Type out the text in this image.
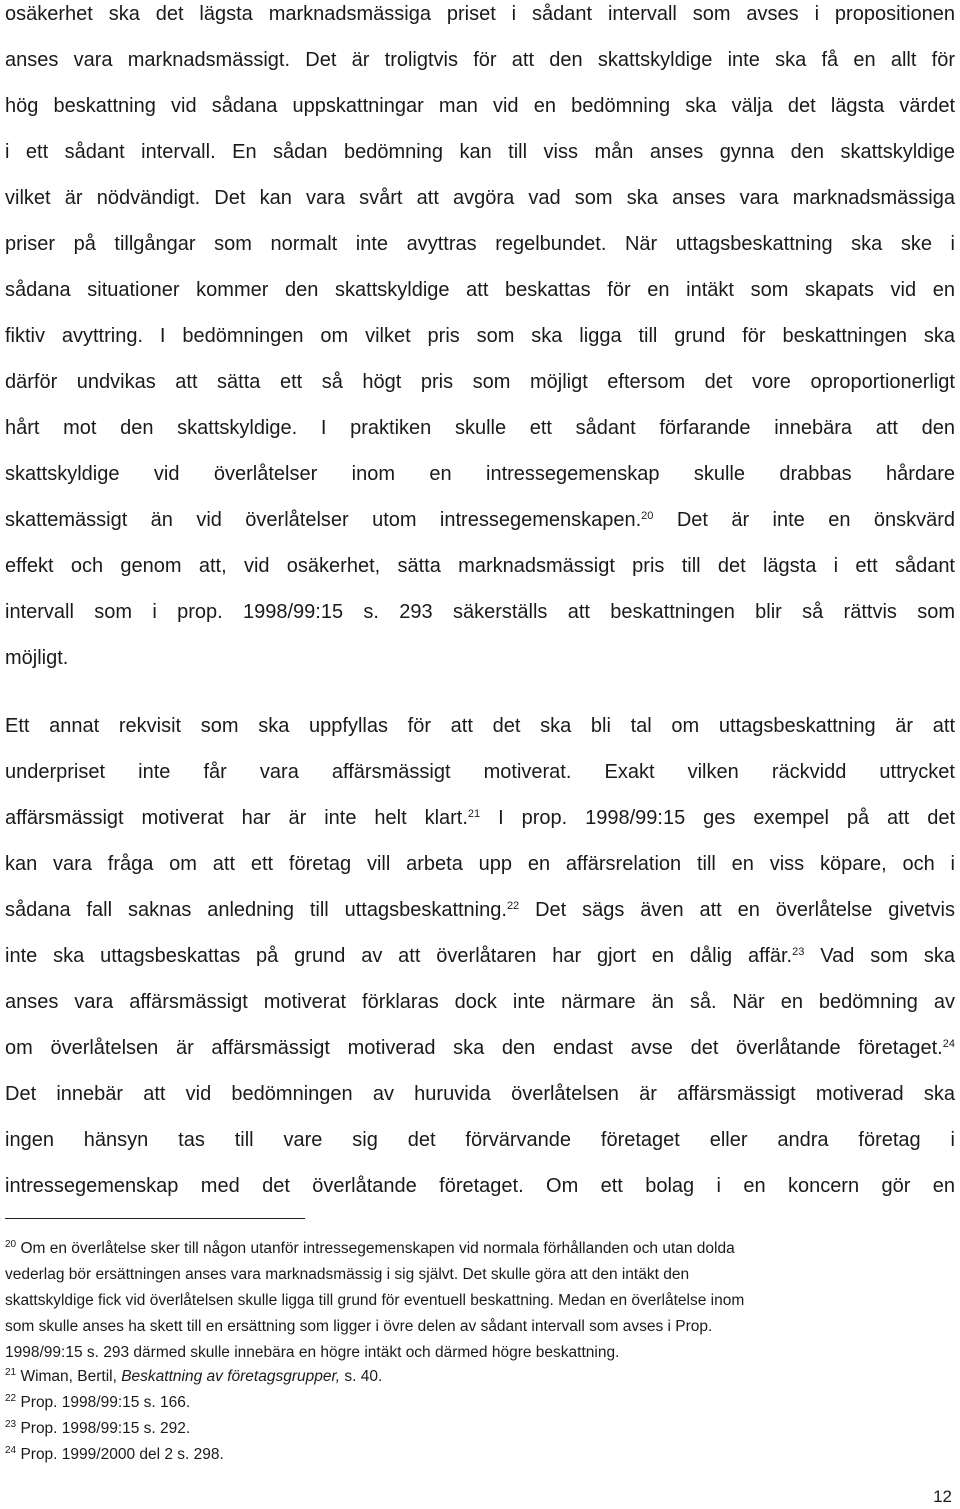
osäkerhet ska det lägsta marknadsmässiga priset i sådant intervall som avses i propositionen
anses vara marknadsmässigt. Det är troligtvis för att den skattskyldige inte ska få en allt för
hög beskattning vid sådana uppskattningar man vid en bedömning ska välja det lägsta värdet
i ett sådant intervall. En sådan bedömning kan till viss mån anses gynna den skattskyldige
vilket är nödvändigt. Det kan vara svårt att avgöra vad som ska anses vara marknadsmässiga
priser på tillgångar som normalt inte avyttras regelbundet. När uttagsbeskattning ska ske i
sådana situationer kommer den skattskyldige att beskattas för en intäkt som skapats vid en
fiktiv avyttring. I bedömningen om vilket pris som ska ligga till grund för beskattningen ska
därför undvikas att sätta ett så högt pris som möjligt eftersom det vore oproportionerligt
hårt mot den skattskyldige. I praktiken skulle ett sådant förfarande innebära att den
skattskyldige vid överlåtelser inom en intressegemenskap skulle drabbas hårdare
skattemässigt än vid överlåtelser utom intressegemenskapen.$^{20}$ Det är inte en önskvärd
effekt och genom att, vid osäkerhet, sätta marknadsmässigt pris till det lägsta i ett sådant
intervall som i prop. 1998/99:15 s. 293 säkerställs att beskattningen blir så rättvis som
möjligt.
Ett annat rekvisit som ska uppfyllas för att det ska bli tal om uttagsbeskattning är att
underpriset inte får vara affärsmässigt motiverat. Exakt vilken räckvidd uttrycket
affärsmässigt motiverat har är inte helt klart.$^{21}$ I prop. 1998/99:15 ges exempel på att det
kan vara fråga om att ett företag vill arbeta upp en affärsrelation till en viss köpare, och i
sådana fall saknas anledning till uttagsbeskattning.$^{22}$ Det sägs även att en överlåtelse givetvis
inte ska uttagsbeskattas på grund av att överlåtaren har gjort en dålig affär.$^{23}$ Vad som ska
anses vara affärsmässigt motiverat förklaras dock inte närmare än så. När en bedömning av
om överlåtelsen är affärsmässigt motiverad ska den endast avse det överlåtande företaget.$^{24}$
Det innebär att vid bedömningen av huruvida överlåtelsen är affärsmässigt motiverad ska
ingen hänsyn tas till vare sig det förvärvande företaget eller andra företag i
intressegemenskap med det överlåtande företaget. Om ett bolag i en koncern gör en
$^{20}$ Om en överlåtelse sker till någon utanför intressegemenskapen vid normala förhållanden och utan dolda
vederlag bör ersättningen anses vara marknadsmässig i sig självt. Det skulle göra att den intäkt den
skattskyldige fick vid överlåtelsen skulle ligga till grund för eventuell beskattning. Medan en överlåtelse inom
som skulle anses ha skett till en ersättning som ligger i övre delen av sådant intervall som avses i Prop.
1998/99:15 s. 293 därmed skulle innebära en högre intäkt och därmed högre beskattning.
$^{21}$ Wiman, Bertil, Beskattning av företagsgrupper, s. 40.
$^{22}$ Prop. 1998/99:15 s. 166.
$^{23}$ Prop. 1998/99:15 s. 292.
$^{24}$ Prop. 1999/2000 del 2 s. 298.
12
